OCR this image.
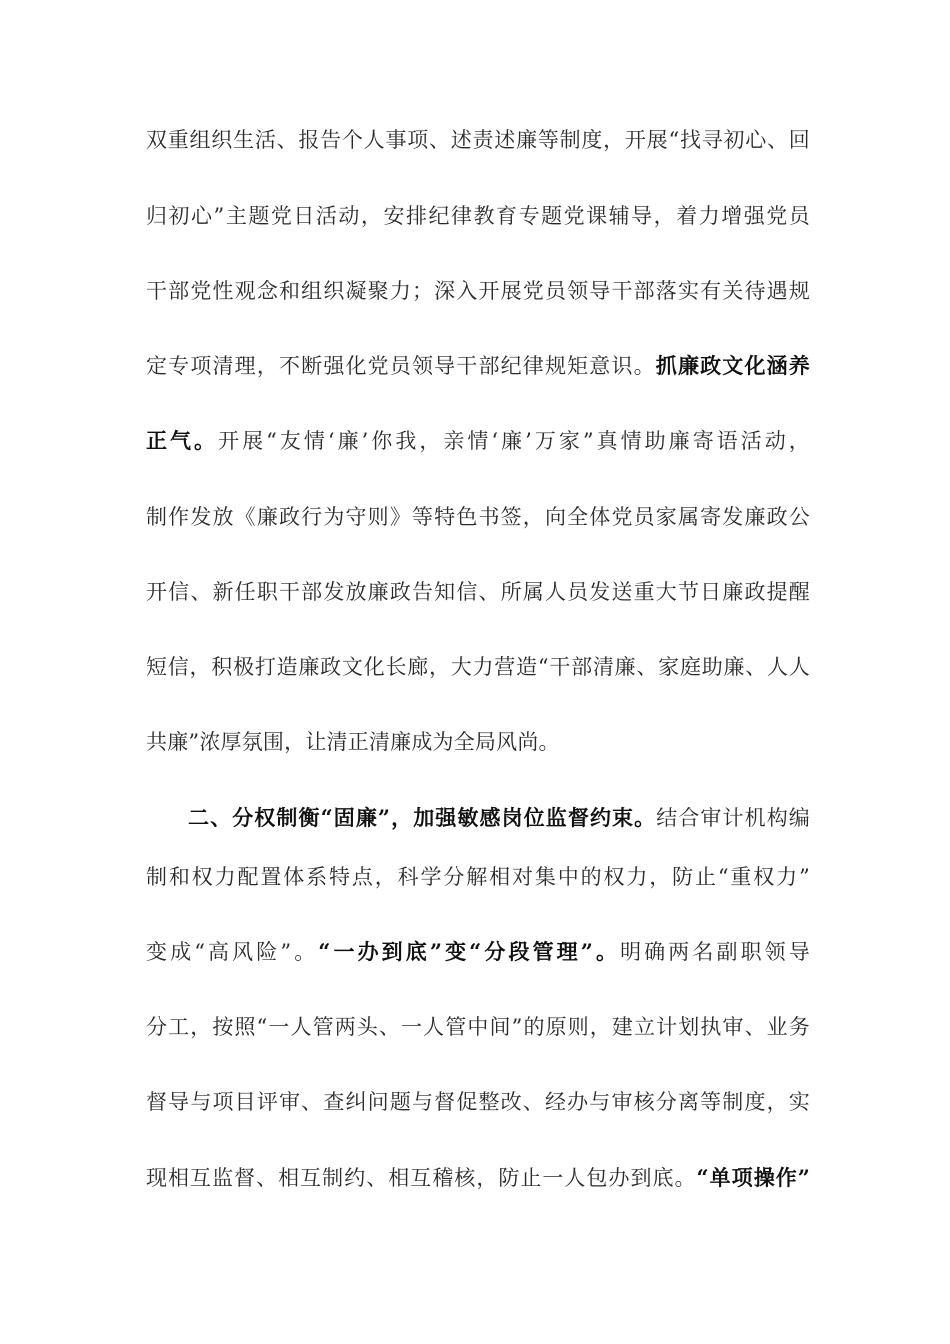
双重组织生活、报告个人事项、述责述廉等制度，开展“找寻初心、回
归初心”主题党日活动，安排纪律教育专题党课辅导，着力增强党员
干部党性观念和组织凝聚力；深入开展党员领导干部落实有关待遇规
定专项清理，不断强化党员领导干部纪律规矩意识。抓廉政文化涵养
正气。开展“友情‘廉’你我，亲情‘廉’万家”真情助廉寄语活动，
制作发放《廉政行为守则》等特色书签，向全体党员家属寄发廉政公
开信、新任职干部发放廉政告知信、所属人员发送重大节日廉政提醒
短信，积极打造廉政文化长廊，大力营造“干部清廉、家庭助廉、人人
共廉”浓厚氛围，让清正清廉成为全局风尚。
二、分权制衡“固廉”，加强敏感岗位监督约束。结合审计机构编
制和权力配置体系特点，科学分解相对集中的权力，防止“重权力”
变成“高风险”。“一办到底”变“分段管理”。明确两名副职领导
分工，按照“一人管两头、一人管中间”的原则，建立计划执审、业务
督导与项目评审、查纠问题与督促整改、经办与审核分离等制度，实
现相互监督、相互制约、相互稽核，防止一人包办到底。“单项操作”
